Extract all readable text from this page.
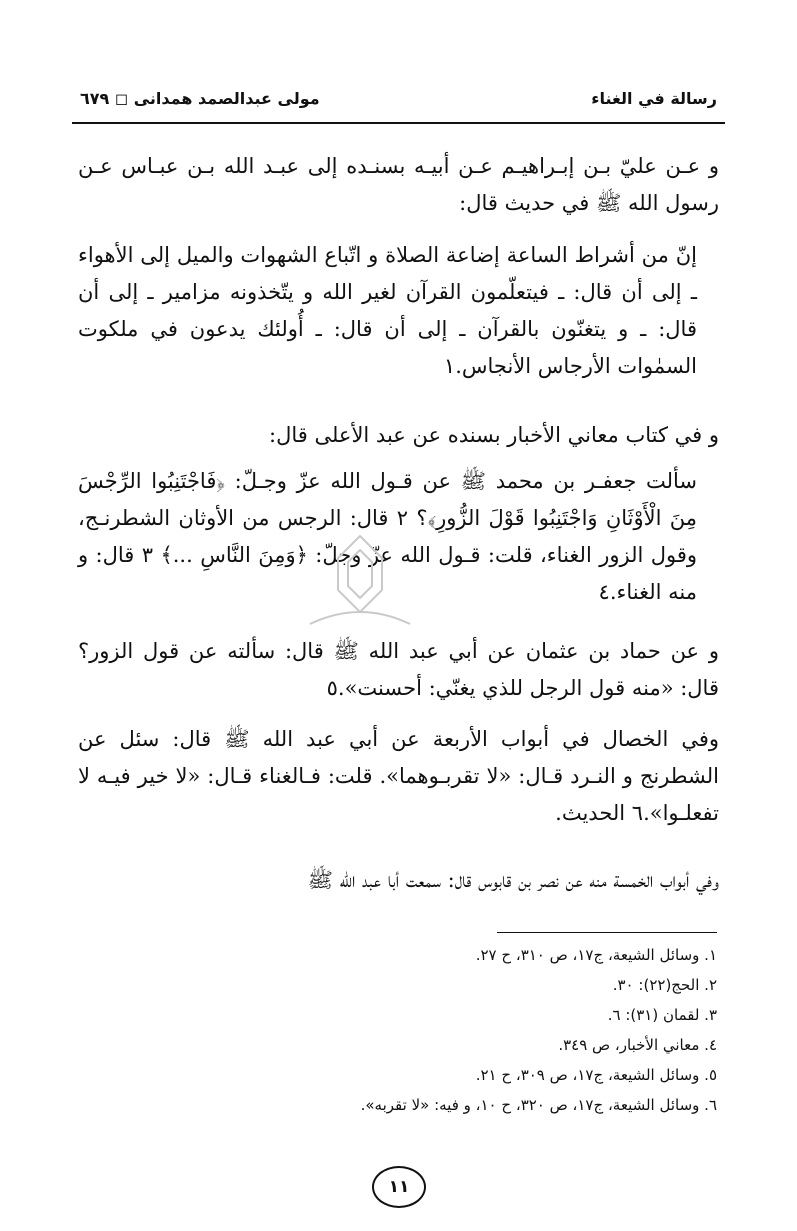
رسالة في الغناء
مولى عبدالصمد همدانى ◻ ٦٧٩
و عـن عليّ بـن إبـراهيـم عـن أبيـه بسنـده إلى عبـد الله بـن عبـاس عـن رسول الله ﷺ في حديث قال:
إنّ من أشراط الساعة إضاعة الصلاة و اتّباع الشهوات والميل إلى الأهواء ـ إلى أن قال: ـ فيتعلّمون القرآن لغير الله و يتّخذونه مزامير ـ إلى أن قال: ـ و يتغنّون بالقرآن ـ إلى أن قال: ـ أُولئك يدعون في ملكوت السمٰوات الأرجاس الأنجاس.١
و في كتاب معاني الأخبار بسنده عن عبد الأعلى قال:
سألت جعفـر بن محمد ﷺ عن قـول الله عزّ وجـلّ: ﴿فَاجْتَنِبُوا الرِّجْسَ مِنَ الْأَوْثَانِ وَاجْتَنِبُوا قَوْلَ الزُّورِ﴾؟ ٢ قال: الرجس من الأوثان الشطرنـج، وقول الزور الغناء، قلت: قـول الله عزّ وجلّ: ﴿وَمِنَ النَّاسِ ...﴾ ٣ قال: و منه الغناء.٤
و عن حماد بن عثمان عن أبي عبد الله ﷺ قال: سألته عن قول الزور؟ قال: «منه قول الرجل للذي يغنّي: أحسنت».٥
وفي الخصال في أبواب الأربعة عن أبي عبد الله ﷺ قال: سئل عن الشطرنج و النـرد قـال: «لا تقربـوهما». قلت: فـالغناء قـال: «لا خير فيـه لا تفعلـوا».٦ الحديث.
وفي أبواب الخمسة منه عن نصر بن قابوس قال: سمعت أبا عبد الله ﷺ
١. وسائل الشيعة، ج١٧، ص ٣١٠، ح ٢٧.
٢. الحج(٢٢): ٣٠.
٣. لقمان (٣١): ٦.
٤. معاني الأخبار، ص ٣٤٩.
٥. وسائل الشيعة، ج١٧، ص ٣٠٩، ح ٢١.
٦. وسائل الشيعة، ج١٧، ص ٣٢٠، ح ١٠، و فيه: «لا تقربه».
١١
